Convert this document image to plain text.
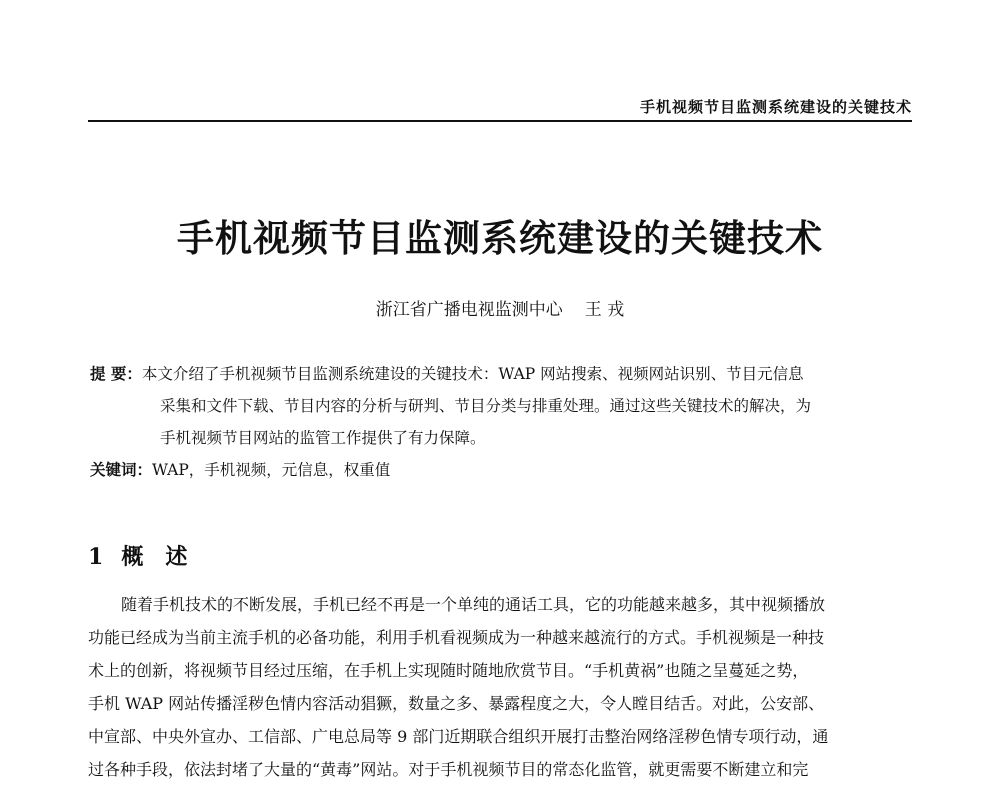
手机视频节目监测系统建设的关键技术
手机视频节目监测系统建设的关键技术
浙江省广播电视监测中心 王 戎
提 要：本文介绍了手机视频节目监测系统建设的关键技术：WAP 网站搜索、视频网站识别、节目元信息
采集和文件下载、节目内容的分析与研判、节目分类与排重处理。通过这些关键技术的解决，为
手机视频节目网站的监管工作提供了有力保障。
关键词：WAP，手机视频，元信息，权重值
1 概述
随着手机技术的不断发展，手机已经不再是一个单纯的通话工具，它的功能越来越多，其中视频播放
功能已经成为当前主流手机的必备功能，利用手机看视频成为一种越来越流行的方式。手机视频是一种技
术上的创新，将视频节目经过压缩，在手机上实现随时随地欣赏节目。“手机黄祸”也随之呈蔓延之势，
手机 WAP 网站传播淫秽色情内容活动猖獗，数量之多、暴露程度之大，令人瞠目结舌。对此，公安部、
中宣部、中央外宣办、工信部、广电总局等 9 部门近期联合组织开展打击整治网络淫秽色情专项行动，通
过各种手段，依法封堵了大量的“黄毒”网站。对于手机视频节目的常态化监管，就更需要不断建立和完
